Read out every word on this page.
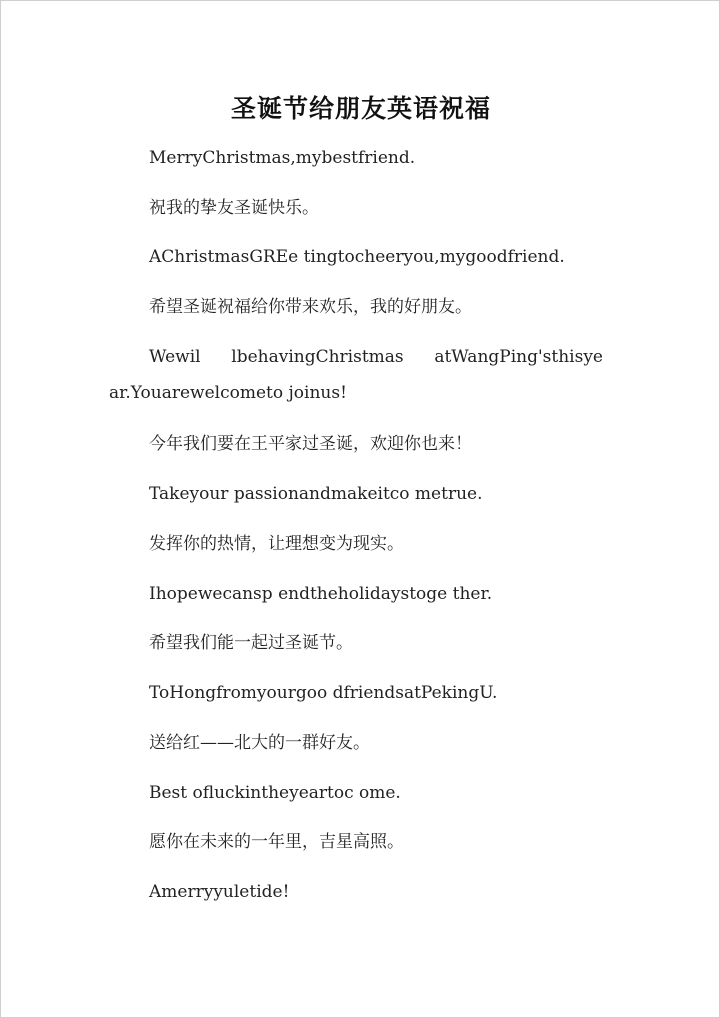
圣诞节给朋友英语祝福
MerryChristmas,mybestfriend.
祝我的挚友圣诞快乐。
AChristmasGREe tingtocheeryou,mygoodfriend.
希望圣诞祝福给你带来欢乐，我的好朋友。
Wewil lbehavingChristmas atWangPing'sthisye
ar.Youarewelcometo joinus!
今年我们要在王平家过圣诞，欢迎你也来！
Takeyour passionandmakeitco metrue.
发挥你的热情，让理想变为现实。
Ihopewecansp endtheholidaystoge ther.
希望我们能一起过圣诞节。
ToHongfromyourgoo dfriendsatPekingU.
送给红——北大的一群好友。
Best ofluckintheyeartoc ome.
愿你在未来的一年里，吉星高照。
Amerryyuletide!
